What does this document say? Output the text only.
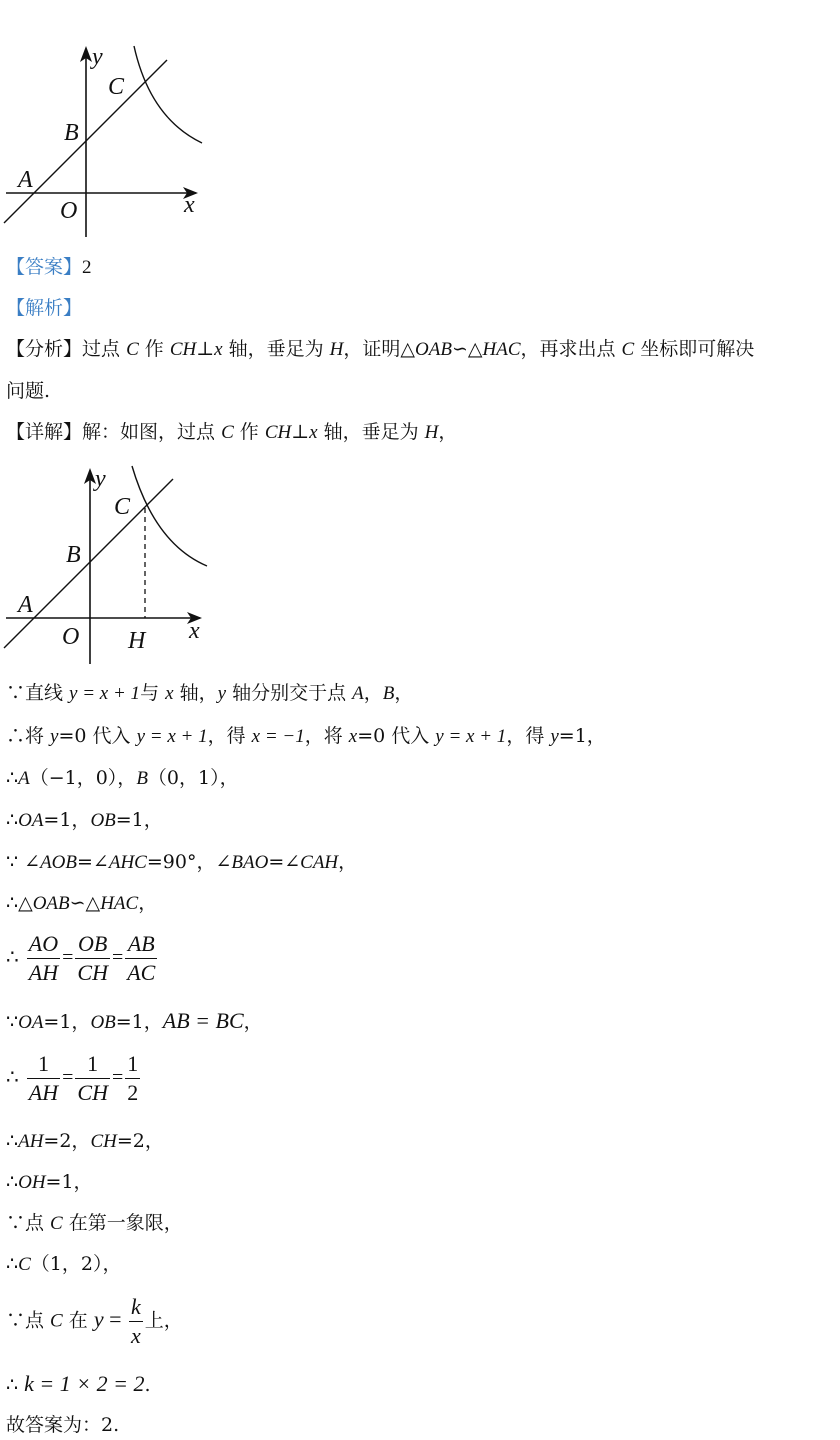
y
C
B
A
O	x
【答案】2
【解析】
【分析】过点 C 作 CH⊥x 轴，垂足为 H，证明△OAB∽△HAC，再求出点 C 坐标即可解决
问题.
【详解】解：如图，过点 C 作 CH⊥x 轴，垂足为 H，
y
C
B
A
O H x
∵直线 y = x + 1与 x 轴，y 轴分别交于点 A，B，
∴将 y=0 代入 y = x + 1，得 x = −1，将 x=0 代入 y = x + 1，得 y=1，
∴A（−1，0），B（0，1），
∴OA=1，OB=1，
∵ ∠AOB=∠AHC=90°，∠BAO=∠CAH，
∴△OAB∽△HAC，
∴ $\frac{AO}{AH} = \frac{OB}{CH} = \frac{AB}{AC}$
∵OA=1，OB=1，AB = BC，
∴ $\frac{1}{AH} = \frac{1}{CH} = \frac{1}{2}$
∴AH=2，CH=2，
∴OH=1，
∵点 C 在第一象限，
∴C（1，2），
∵点 C 在 $y = \frac{k}{x}$ 上，
∴ k = 1 × 2 = 2.
故答案为：2.
